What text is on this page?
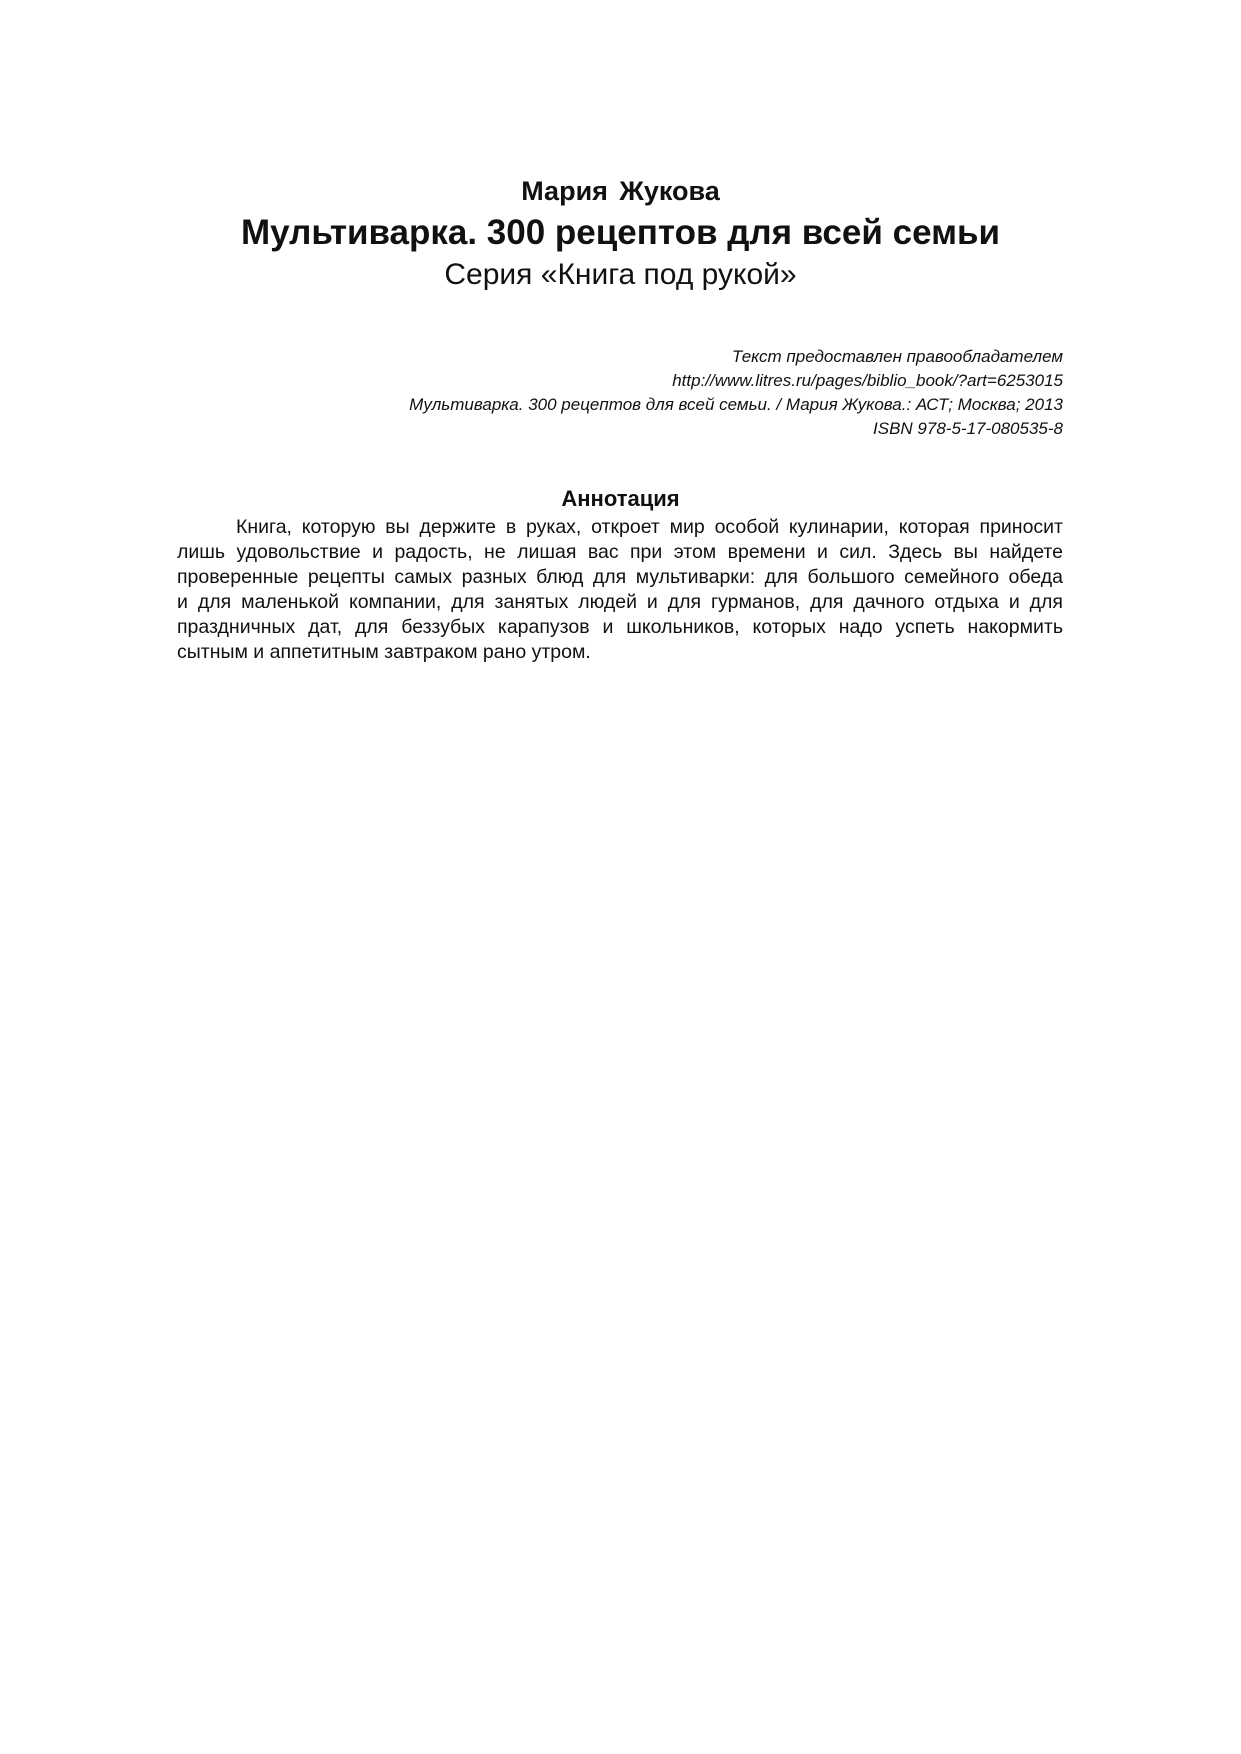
Мария Жукова
Мультиварка. 300 рецептов для всей семьи
Серия «Книга под рукой»
Текст предоставлен правообладателем
http://www.litres.ru/pages/biblio_book/?art=6253015
Мультиварка. 300 рецептов для всей семьи. / Мария Жукова.: АСТ; Москва; 2013
ISBN 978-5-17-080535-8
Аннотация
Книга, которую вы держите в руках, откроет мир особой кулинарии, которая приносит
лишь удовольствие и радость, не лишая вас при этом времени и сил. Здесь вы найдете
проверенные рецепты самых разных блюд для мультиварки: для большого семейного обеда
и для маленькой компании, для занятых людей и для гурманов, для дачного отдыха и для
праздничных дат, для беззубых карапузов и школьников, которых надо успеть накормить
сытным и аппетитным завтраком рано утром.
